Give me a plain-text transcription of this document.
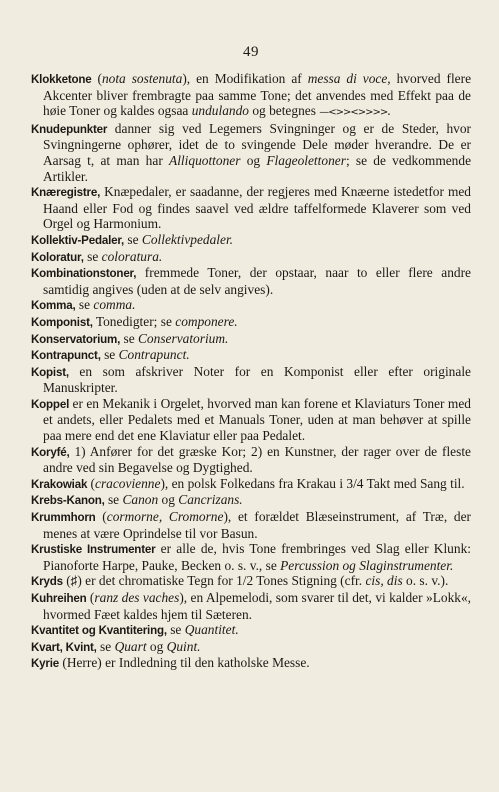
49

Klokketone (nota sostenuta), en Modifikation af messa di voce, hvorved flere Akcenter bliver frembragte paa samme Tone; det anvendes med Effekt paa de høie Toner og kaldes ogsaa undulando og betegnes —<>><>>>>.

Knudepunkter danner sig ved Legemers Svingninger og er de Steder, hvor Svingningerne ophører, idet de to svingende Dele møder hverandre. De er Aarsag t, at man har Alliquottoner og Flageolettoner; se de vedkommende Artikler.

Knæregistre, Knæpedaler, er saadanne, der regjeres med Knæerne istedetfor med Haand eller Fod og findes saavel ved ældre taffelformede Klaverer som ved Orgel og Harmonium.

Kollektiv-Pedaler, se Collektivpedaler.

Koloratur, se coloratura.

Kombinationstoner, fremmede Toner, der opstaar, naar to eller flere andre samtidig angives (uden at de selv angives).

Komma, se comma.

Komponist, Tonedigter; se componere.

Konservatorium, se Conservatorium.

Kontrapunct, se Contrapunct.

Kopist, en som afskriver Noter for en Komponist eller efter originale Manuskripter.

Koppel er en Mekanik i Orgelet, hvorved man kan forene et Klaviaturs Toner med et andets, eller Pedalets med et Manuals Toner, uden at man behøver at spille paa mere end det ene Klaviatur eller paa Pedalet.

Koryfé, 1) Anfører for det græske Kor; 2) en Kunstner, der rager over de fleste andre ved sin Begavelse og Dygtighed.

Krakowiak (cracovienne), en polsk Folkedans fra Krakau i 3/4 Takt med Sang til.

Krebs-Kanon, se Canon og Cancrizans.

Krummhorn (cormorne, Cromorne), et forældet Blæseinstrument, af Træ, der menes at være Oprindelse til vor Basun.

Krustiske Instrumenter er alle de, hvis Tone frembringes ved Slag eller Klunk: Pianoforte Harpe, Pauke, Becken o. s. v., se Percussion og Slaginstrumenter.

Kryds (♯) er det chromatiske Tegn for 1/2 Tones Stigning (cfr. cis, dis o. s. v.).

Kuhreihen (ranz des vaches), en Alpemelodi, som svarer til det, vi kalder »Lokk«, hvormed Fæet kaldes hjem til Sæteren.

Kvantitet og Kvantitering, se Quantitet.

Kvart, Kvint, se Quart og Quint.

Kyrie (Herre) er Indledning til den katholske Messe.
